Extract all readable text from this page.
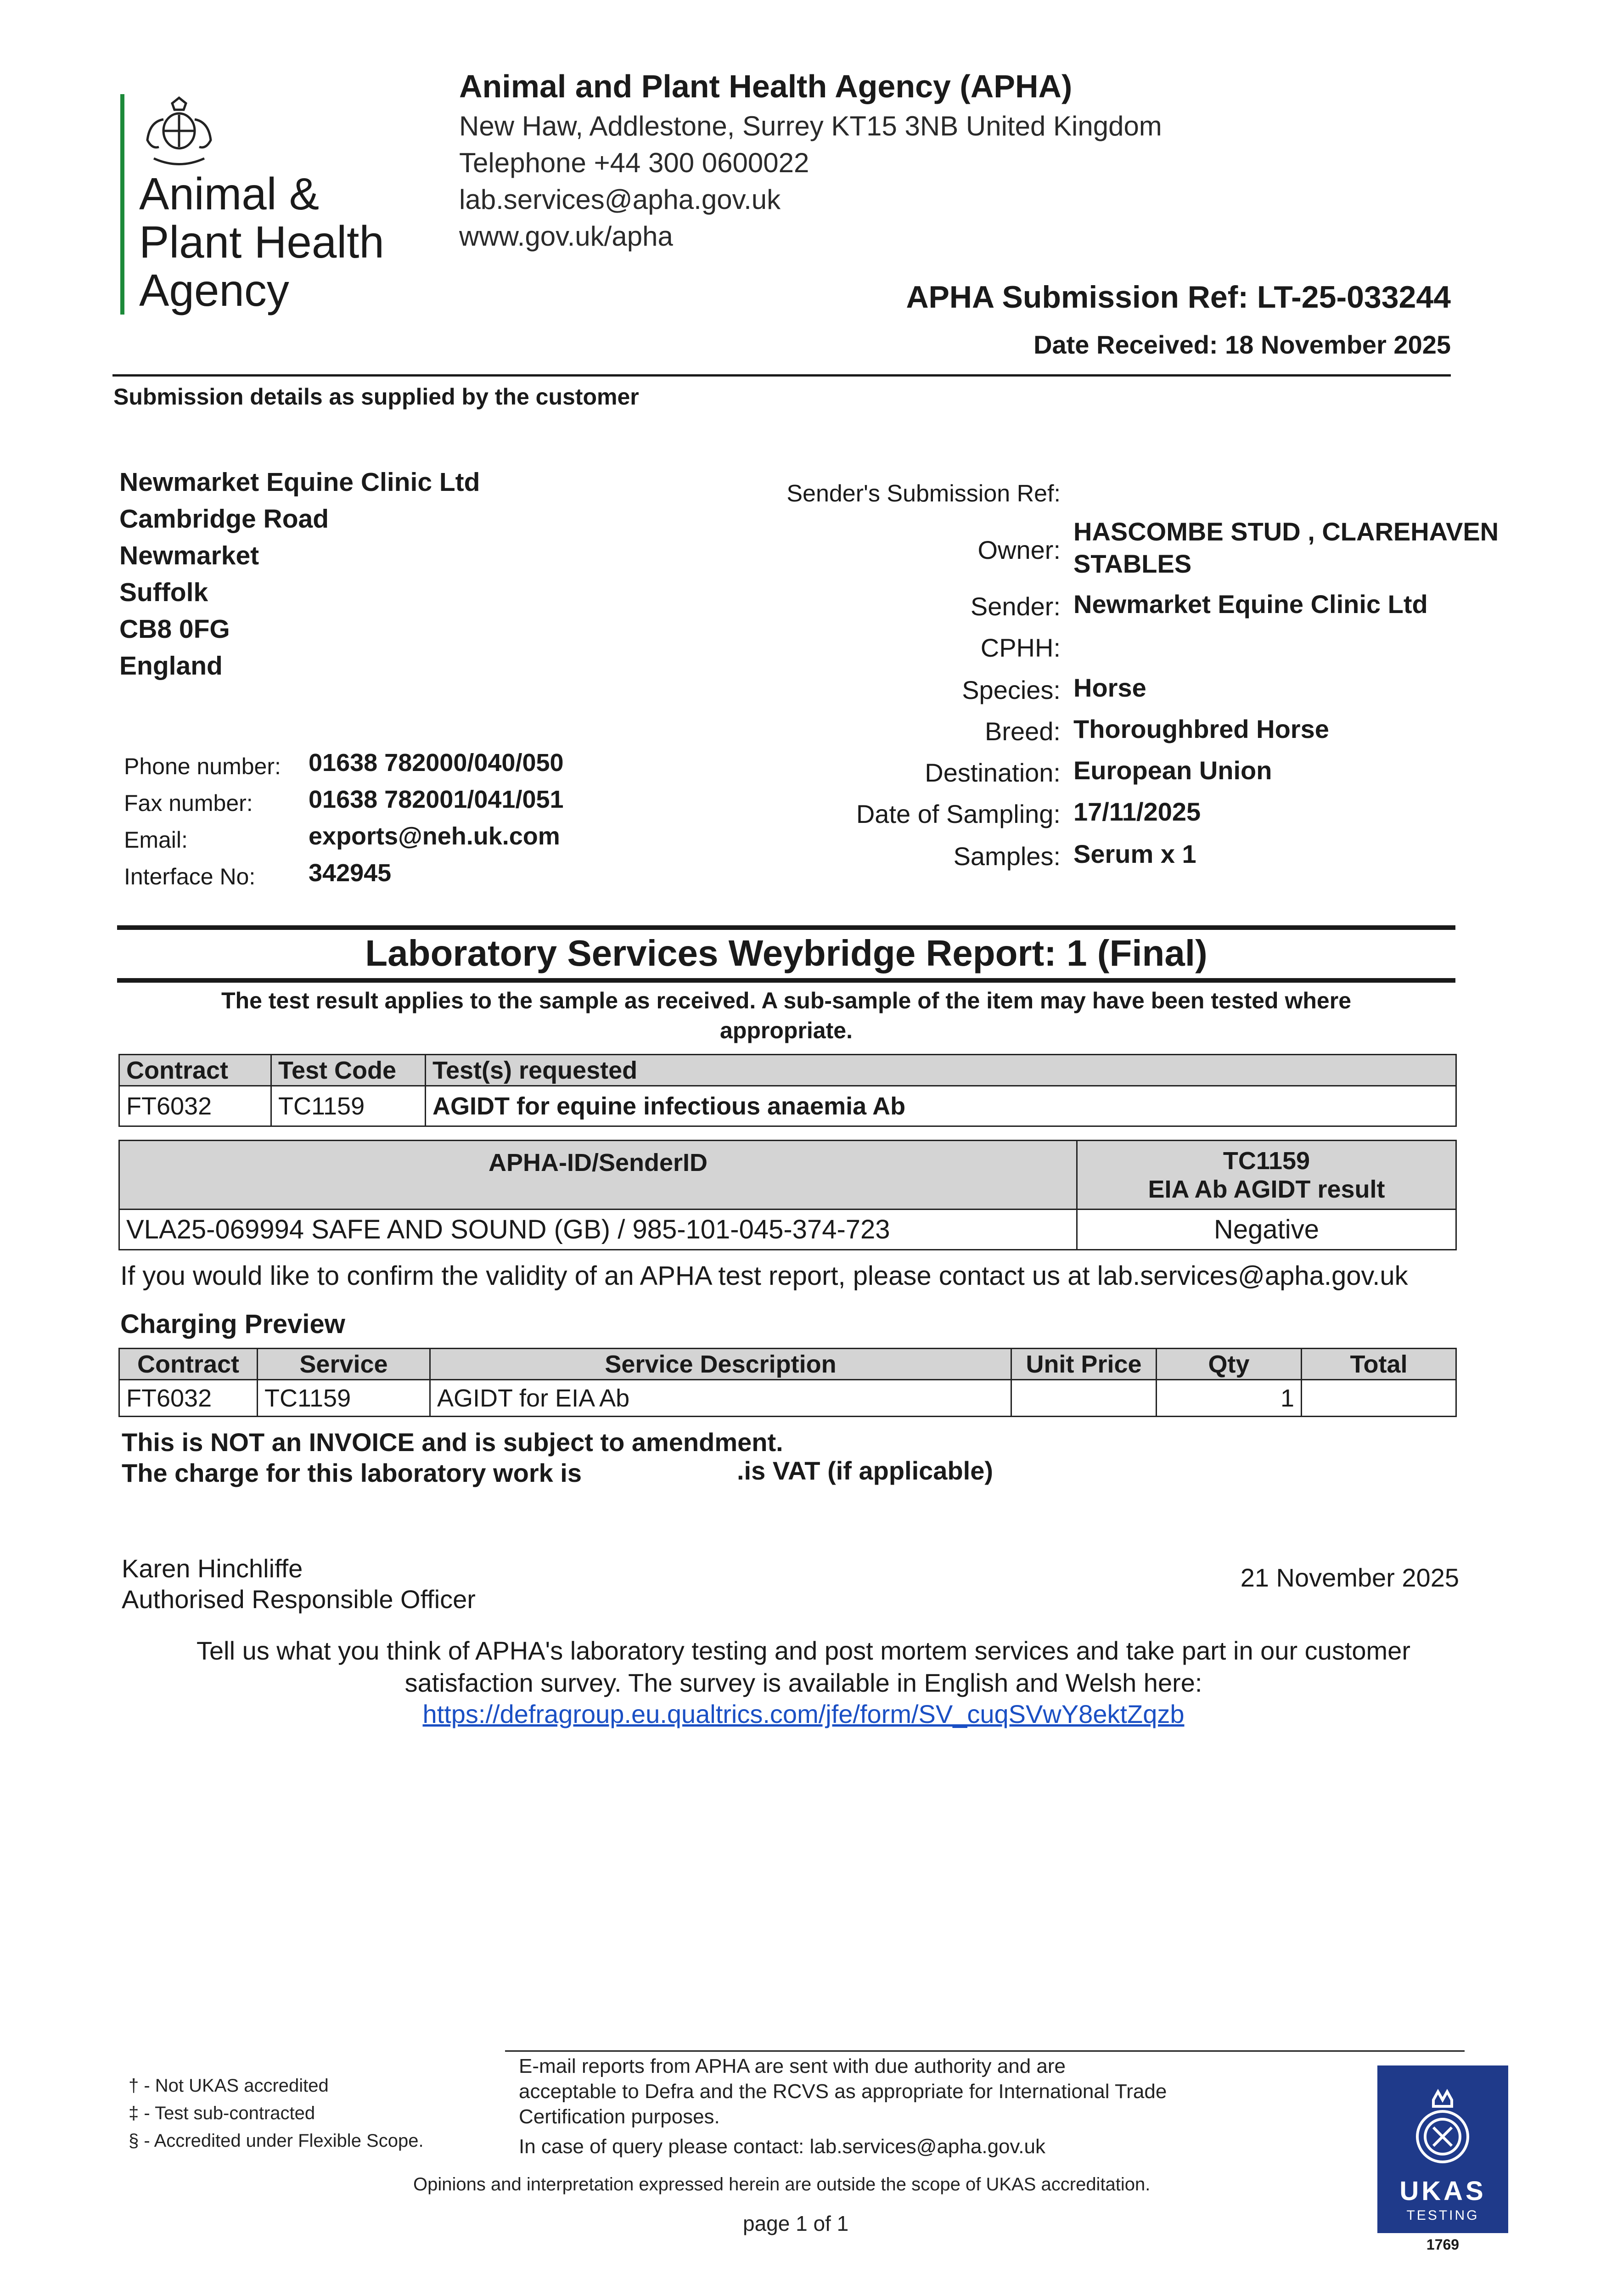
Animal &
Plant Health
Agency
Animal and Plant Health Agency (APHA)
New Haw, Addlestone, Surrey KT15 3NB United Kingdom
Telephone +44 300 0600022
lab.services@apha.gov.uk
www.gov.uk/apha
APHA Submission Ref: LT-25-033244
Date Received: 18 November 2025
Submission details as supplied by the customer
Newmarket Equine Clinic Ltd
Cambridge Road
Newmarket
Suffolk
CB8 0FG
England
Phone number: 01638 782000/040/050
Fax number: 01638 782001/041/051
Email:	exports@neh.uk.com
Interface No: 342945
Sender's Submission Ref:
Owner:
HASCOMBE STUD , CLAREHAVEN
STABLES
Sender: Newmarket Equine Clinic Ltd
CPHH:
Species: Horse
Breed: Thoroughbred Horse
Destination: European Union
Date of Sampling: 17/11/2025
Samples: Serum x 1
Laboratory Services Weybridge Report: 1 (Final)
The test result applies to the sample as received. A sub-sample of the item may have been tested where
appropriate.
Contract	Test Code	Test(s) requested
FT6032	TC1159	AGIDT for equine infectious anaemia Ab
APHA-ID/SenderID	TC1159
EIA Ab AGIDT result

VLA25-069994 SAFE AND SOUND (GB) / 985-101-045-374-723	Negative
If you would like to confirm the validity of an APHA test report, please contact us at lab.services@apha.gov.uk
Charging Preview
Contract	Service	Service Description	Unit Price	Qty	Total
FT6032	TC1159	AGIDT for EIA Ab		1	
This is NOT an INVOICE and is subject to amendment.
The charge for this laboratory work is	.is VAT (if applicable)
Karen Hinchliffe
Authorised Responsible Officer
21 November 2025
Tell us what you think of APHA's laboratory testing and post mortem services and take part in our customer
satisfaction survey. The survey is available in English and Welsh here:
https://defragroup.eu.qualtrics.com/jfe/form/SV_cuqSVwY8ektZqzb
† - Not UKAS accredited
‡ - Test sub-contracted
§ - Accredited under Flexible Scope.
E-mail reports from APHA are sent with due authority and are
acceptable to Defra and the RCVS as appropriate for International Trade
Certification purposes.
In case of query please contact: lab.services@apha.gov.uk
Opinions and interpretation expressed herein are outside the scope of UKAS accreditation.
page 1 of 1
UKAS
TESTING
1769
